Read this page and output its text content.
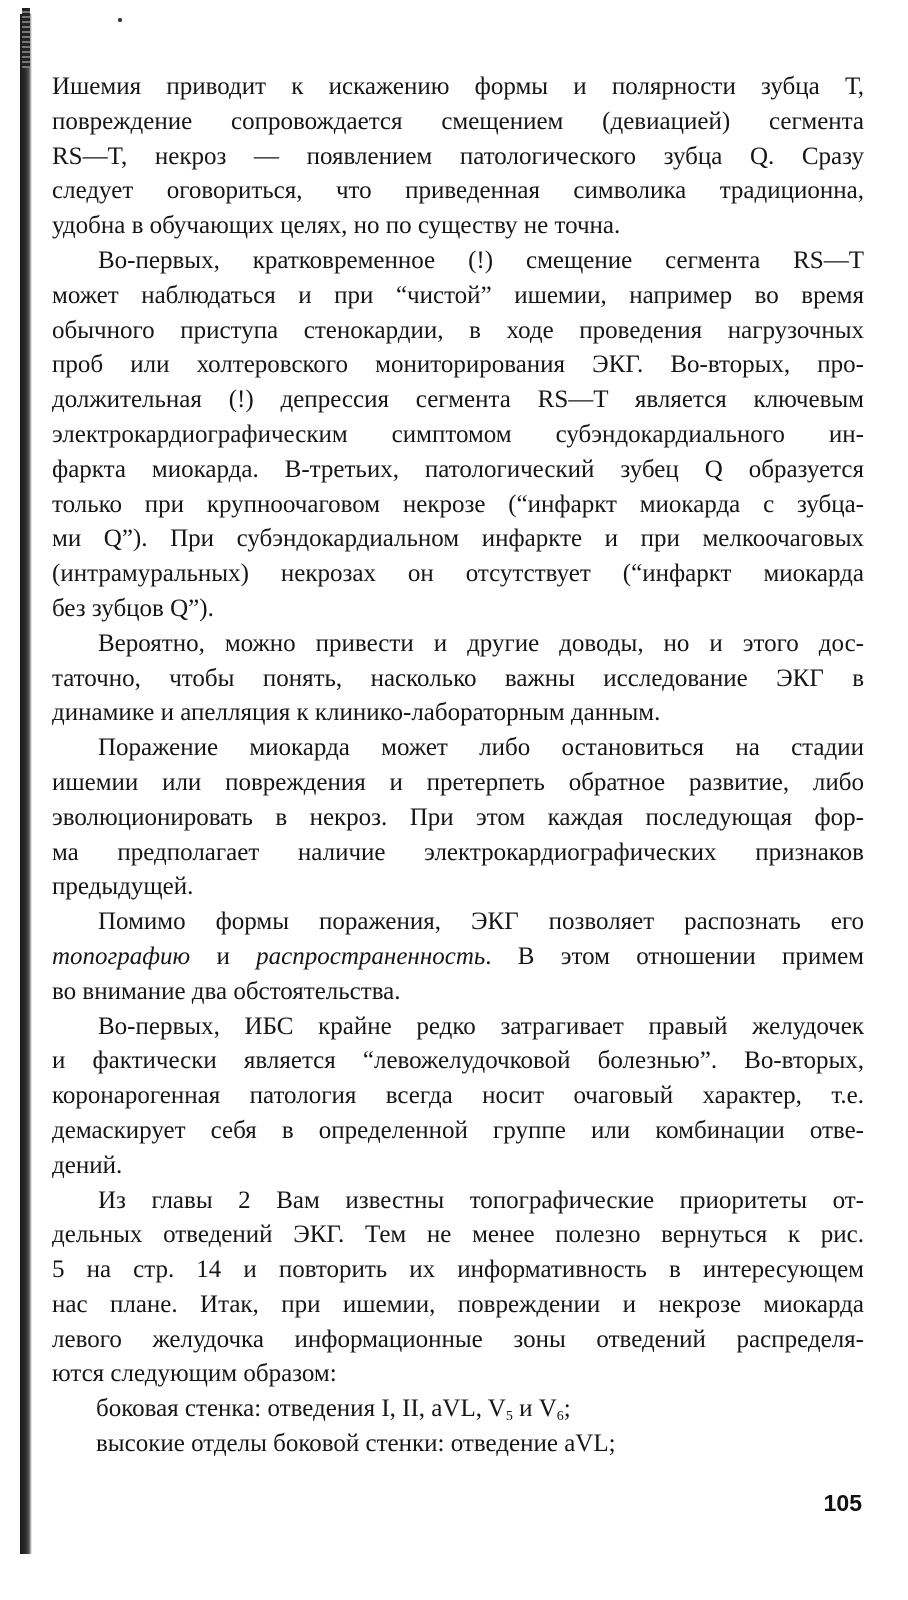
Ишемия приводит к искажению формы и полярности зубца Т,
повреждение сопровождается смещением (девиацией) сегмента
RS—T, некроз — появлением патологического зубца Q. Сразу
следует оговориться, что приведенная символика традиционна,
удобна в обучающих целях, но по существу не точна.

Во-первых, кратковременное (!) смещение сегмента RS—T
может наблюдаться и при “чистой” ишемии, например во время
обычного приступа стенокардии, в ходе проведения нагрузочных
проб или холтеровского мониторирования ЭКГ. Во-вторых, про-
должительная (!) депрессия сегмента RS—T является ключевым
электрокардиографическим симптомом субэндокардиального ин-
фаркта миокарда. В-третьих, патологический зубец Q образуется
только при крупноочаговом некрозе (“инфаркт миокарда с зубца-
ми Q”). При субэндокардиальном инфаркте и при мелкоочаговых
(интрамуральных) некрозах он отсутствует (“инфаркт миокарда
без зубцов Q”).

Вероятно, можно привести и другие доводы, но и этого дос-
таточно, чтобы понять, насколько важны исследование ЭКГ в
динамике и апелляция к клинико-лабораторным данным.

Поражение миокарда может либо остановиться на стадии
ишемии или повреждения и претерпеть обратное развитие, либо
эволюционировать в некроз. При этом каждая последующая фор-
ма предполагает наличие электрокардиографических признаков
предыдущей.

Помимо формы поражения, ЭКГ позволяет распознать его
топографию и распространенность. В этом отношении примем
во внимание два обстоятельства.

Во-первых, ИБС крайне редко затрагивает правый желудочек
и фактически является “левожелудочковой болезнью”. Во-вторых,
коронарогенная патология всегда носит очаговый характер, т.е.
демаскирует себя в определенной группе или комбинации отве-
дений.

Из главы 2 Вам известны топографические приоритеты от-
дельных отведений ЭКГ. Тем не менее полезно вернуться к рис.
5 на стр. 14 и повторить их информативность в интересующем
нас плане. Итак, при ишемии, повреждении и некрозе миокарда
левого желудочка информационные зоны отведений распределя-
ются следующим образом:

боковая стенка: отведения I, II, aVL, $V_5$ и $V_6$;
высокие отделы боковой стенки: отведение aVL;
105
